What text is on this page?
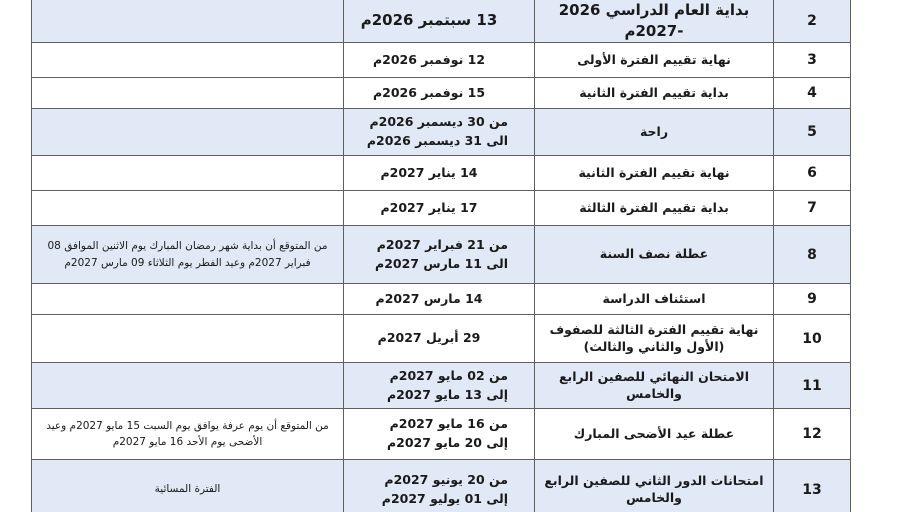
2	بداية العام الدراسي 2026 -2027م	13 سبتمبر 2026م	

3	نهاية تقييم الفترة الأولى	12 نوفمبر 2026م	

4	بداية تقييم الفترة الثانية	15 نوفمبر 2026م	

5	راحة	من 30 ديسمبر 2026م
الى 31 ديسمبر 2026م	

6	نهاية تقييم الفترة الثانية	14 يناير 2027م	

7	بداية تقييم الفترة الثالثة	17 يناير 2027م	

8	عطلة نصف السنة	من 21 فبراير 2027م
الى 11 مارس 2027م	من المتوقع أن بداية شهر رمضان المبارك يوم الاثنين الموافق 08 فبراير 2027م وعيد الفطر يوم الثلاثاء 09 مارس 2027م
9	استئناف الدراسة	14 مارس 2027م	

10	نهاية تقييم الفترة الثالثة للصفوف (الأول والثاني والثالث)	29 أبريل 2027م	

11	الامتحان النهائي للصفين الرابع والخامس	من 02 مايو 2027م
إلى 13 مايو 2027م	

12	عطلة عيد الأضحى المبارك	من 16 مايو 2027م
إلى 20 مايو 2027م	من المتوقع أن يوم عرفة يوافق يوم السبت 15 مايو 2027م وعيد الأضحى يوم الأحد 16 مايو 2027م
13	امتحانات الدور الثاني للصفين الرابع والخامس	من 20 يونيو 2027م
إلى 01 يوليو 2027م	الفترة المسائية
